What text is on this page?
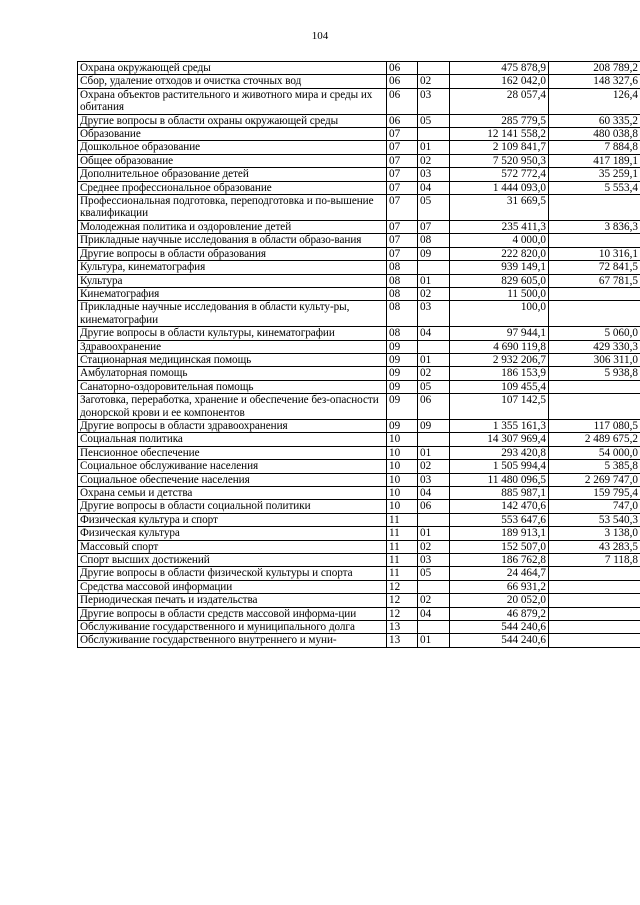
104
Охрана окружающей среды	06		475 878,9	208 789,2
Сбор, удаление отходов и очистка сточных вод	06	02	162 042,0	148 327,6
Охрана объектов растительного и животного мира и среды их обитания	06	03	28 057,4	126,4
Другие вопросы в области охраны окружающей среды	06	05	285 779,5	60 335,2
Образование	07		12 141 558,2	480 038,8
Дошкольное образование	07	01	2 109 841,7	7 884,8
Общее образование	07	02	7 520 950,3	417 189,1
Дополнительное образование детей	07	03	572 772,4	35 259,1
Среднее профессиональное образование	07	04	1 444 093,0	5 553,4
Профессиональная подготовка, переподготовка и по-вышение квалификации	07	05	31 669,5	
Молодежная политика и оздоровление детей	07	07	235 411,3	3 836,3
Прикладные научные исследования в области образо-вания	07	08	4 000,0	
Другие вопросы в области образования	07	09	222 820,0	10 316,1
Культура, кинематография	08		939 149,1	72 841,5
Культура	08	01	829 605,0	67 781,5
Кинематография	08	02	11 500,0	
Прикладные научные исследования в области культу-ры, кинематографии	08	03	100,0	
Другие вопросы в области культуры, кинематографии	08	04	97 944,1	5 060,0
Здравоохранение	09		4 690 119,8	429 330,3
Стационарная медицинская помощь	09	01	2 932 206,7	306 311,0
Амбулаторная помощь	09	02	186 153,9	5 938,8
Санаторно-оздоровительная помощь	09	05	109 455,4	
Заготовка, переработка, хранение и обеспечение без-опасности донорской крови и ее компонентов	09	06	107 142,5	
Другие вопросы в области здравоохранения	09	09	1 355 161,3	117 080,5
Социальная политика	10		14 307 969,4	2 489 675,2
Пенсионное обеспечение	10	01	293 420,8	54 000,0
Социальное обслуживание населения	10	02	1 505 994,4	5 385,8
Социальное обеспечение населения	10	03	11 480 096,5	2 269 747,0
Охрана семьи и детства	10	04	885 987,1	159 795,4
Другие вопросы в области социальной политики	10	06	142 470,6	747,0
Физическая культура и спорт	11		553 647,6	53 540,3
Физическая культура	11	01	189 913,1	3 138,0
Массовый спорт	11	02	152 507,0	43 283,5
Спорт высших достижений	11	03	186 762,8	7 118,8
Другие вопросы в области физической культуры и спорта	11	05	24 464,7	
Средства массовой информации	12		66 931,2	
Периодическая печать и издательства	12	02	20 052,0	
Другие вопросы в области средств массовой информа-ции	12	04	46 879,2	
Обслуживание государственного и муниципального долга	13		544 240,6	
Обслуживание государственного внутреннего и муни-	13	01	544 240,6	
